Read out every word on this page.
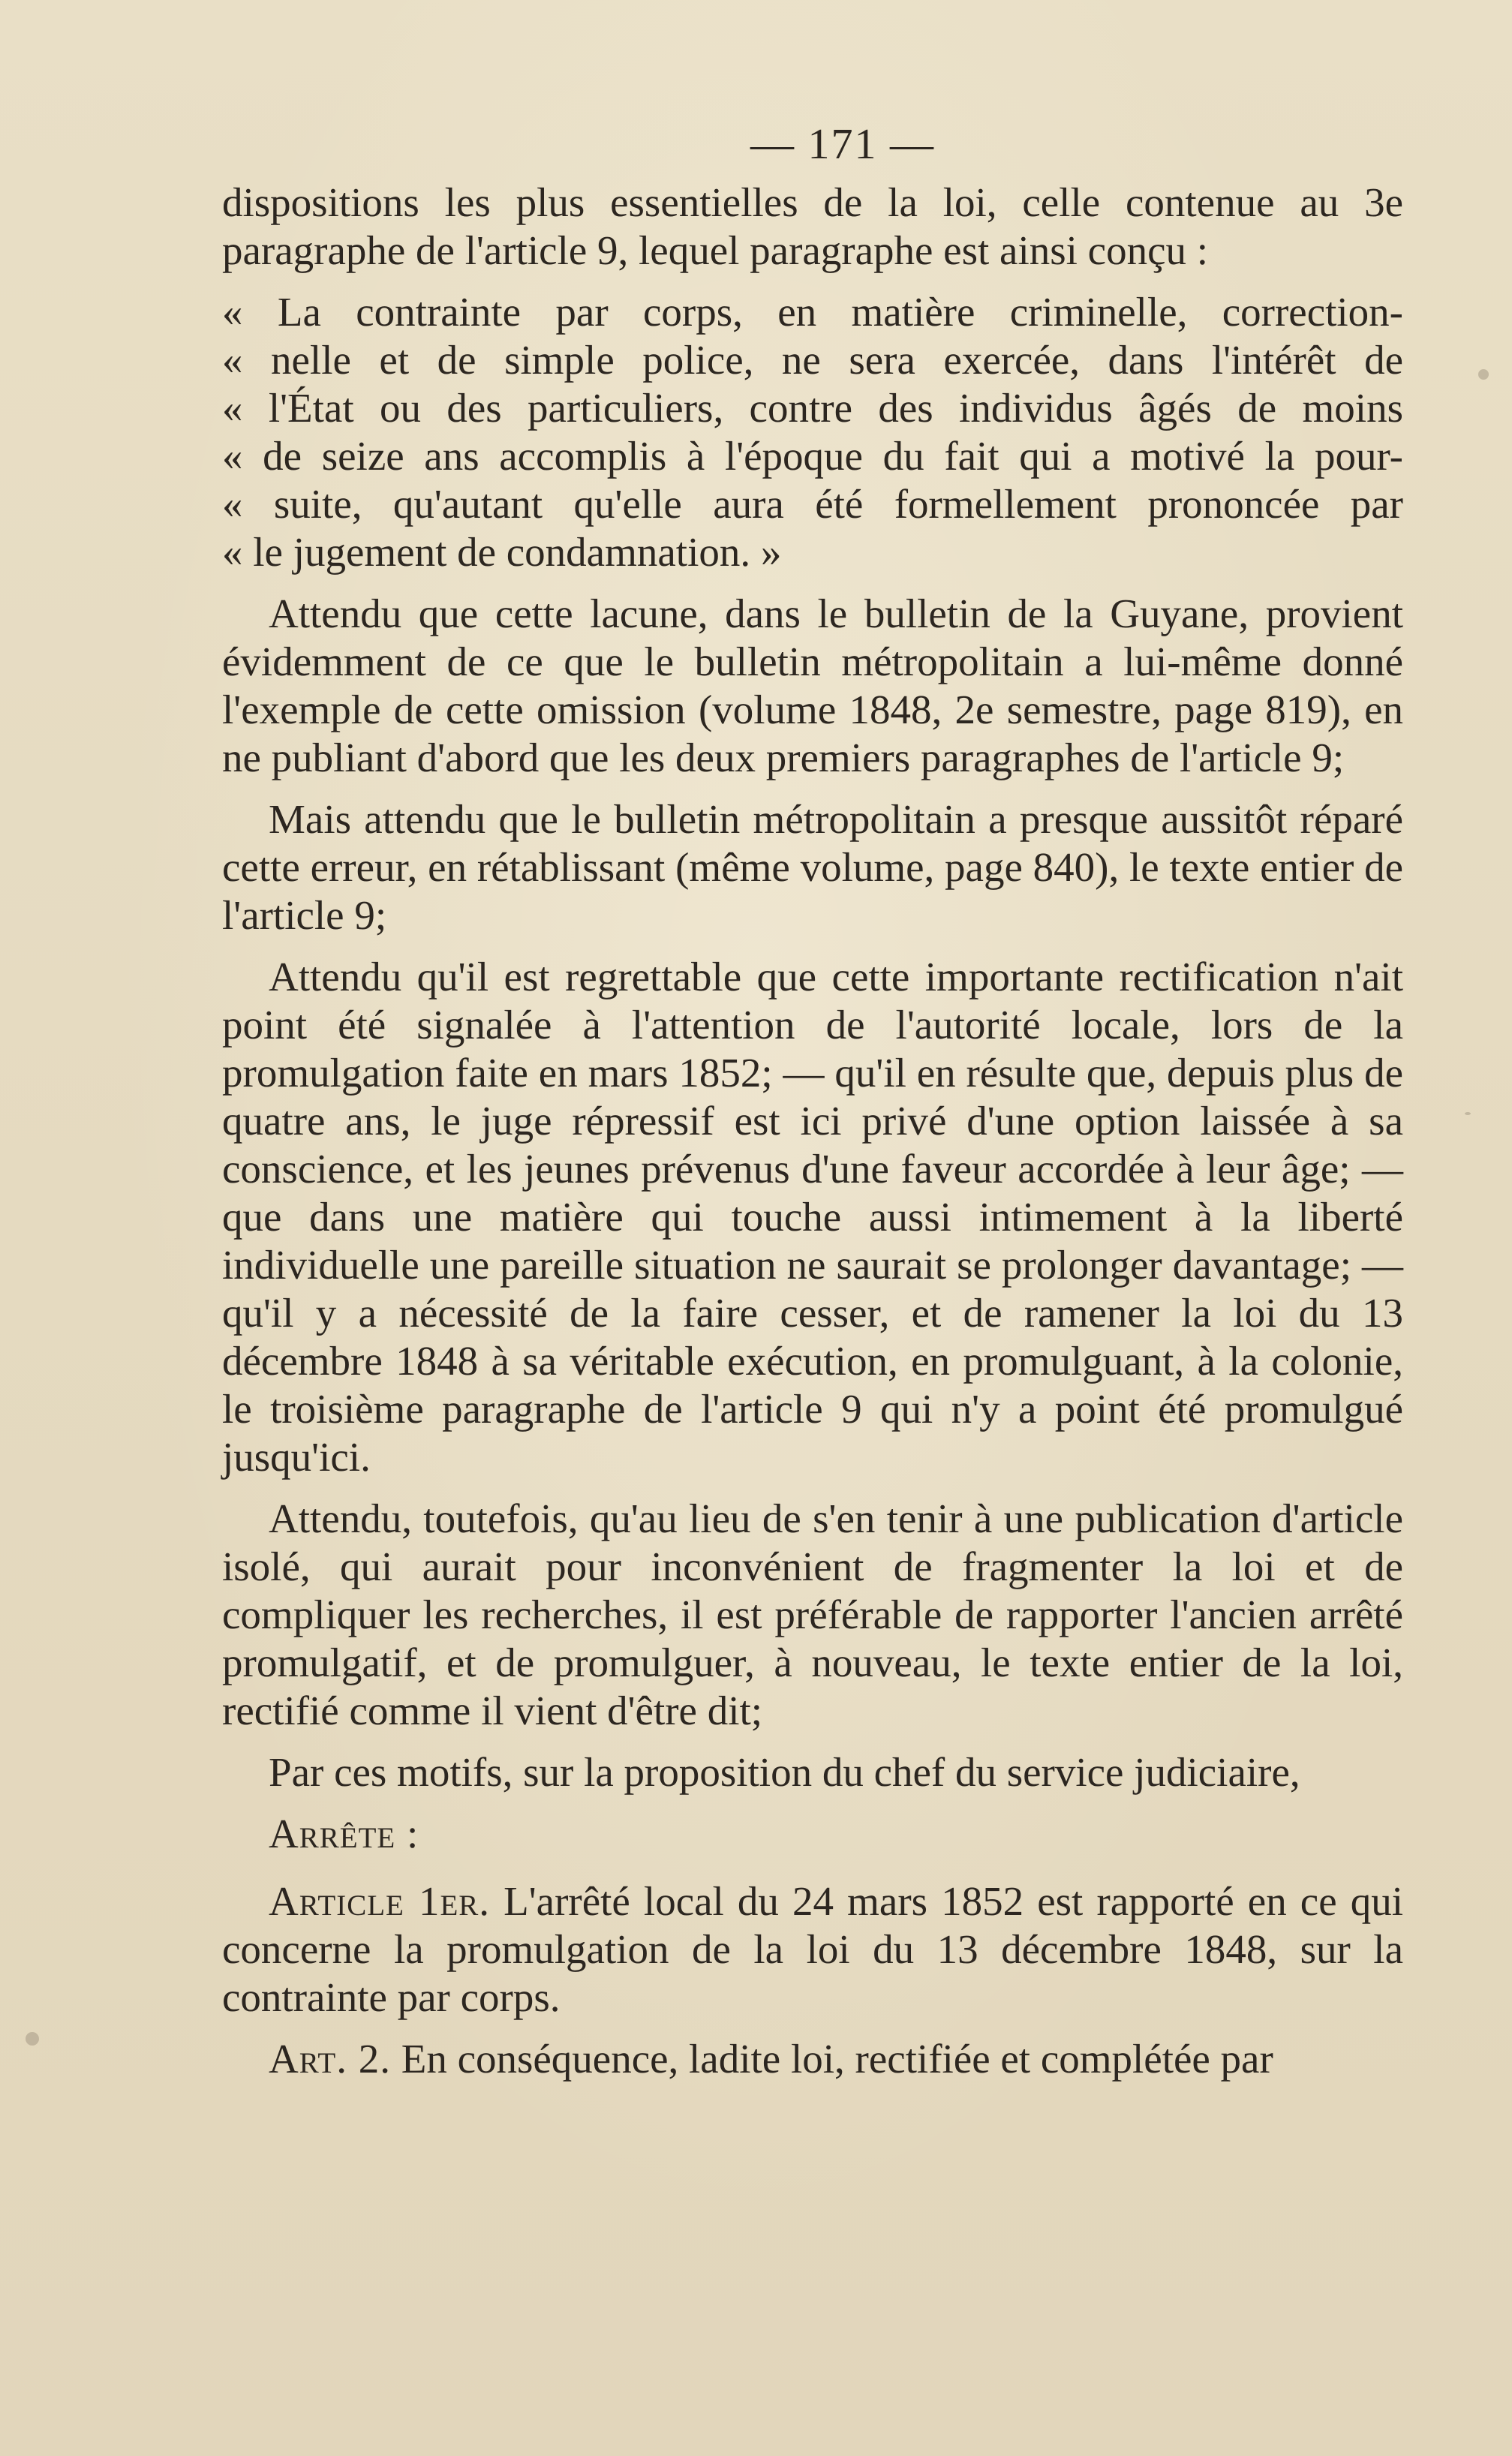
— 171 —

dispositions les plus essentielles de la loi, celle contenue au 3e paragraphe de l'article 9, lequel paragraphe est ainsi conçu :

« La contrainte par corps, en matière criminelle, correction-
« nelle et de simple police, ne sera exercée, dans l'intérêt de
« l'État ou des particuliers, contre des individus âgés de moins
« de seize ans accomplis à l'époque du fait qui a motivé la pour-
« suite, qu'autant qu'elle aura été formellement prononcée par
« le jugement de condamnation. »

Attendu que cette lacune, dans le bulletin de la Guyane, provient évidemment de ce que le bulletin métropolitain a lui-même donné l'exemple de cette omission (volume 1848, 2e semestre, page 819), en ne publiant d'abord que les deux premiers paragraphes de l'article 9;

Mais attendu que le bulletin métropolitain a presque aussitôt réparé cette erreur, en rétablissant (même volume, page 840), le texte entier de l'article 9;

Attendu qu'il est regrettable que cette importante rectification n'ait point été signalée à l'attention de l'autorité locale, lors de la promulgation faite en mars 1852; — qu'il en résulte que, depuis plus de quatre ans, le juge répressif est ici privé d'une option laissée à sa conscience, et les jeunes prévenus d'une faveur accordée à leur âge; — que dans une matière qui touche aussi intimement à la liberté individuelle une pareille situation ne saurait se prolonger davantage; — qu'il y a nécessité de la faire cesser, et de ramener la loi du 13 décembre 1848 à sa véritable exécution, en promulguant, à la colonie, le troisième paragraphe de l'article 9 qui n'y a point été promulgué jusqu'ici.

Attendu, toutefois, qu'au lieu de s'en tenir à une publication d'article isolé, qui aurait pour inconvénient de fragmenter la loi et de compliquer les recherches, il est préférable de rapporter l'ancien arrêté promulgatif, et de promulguer, à nouveau, le texte entier de la loi, rectifié comme il vient d'être dit;

Par ces motifs, sur la proposition du chef du service judiciaire,

Arrête :

Article 1er. L'arrêté local du 24 mars 1852 est rapporté en ce qui concerne la promulgation de la loi du 13 décembre 1848, sur la contrainte par corps.

Art. 2. En conséquence, ladite loi, rectifiée et complétée par
